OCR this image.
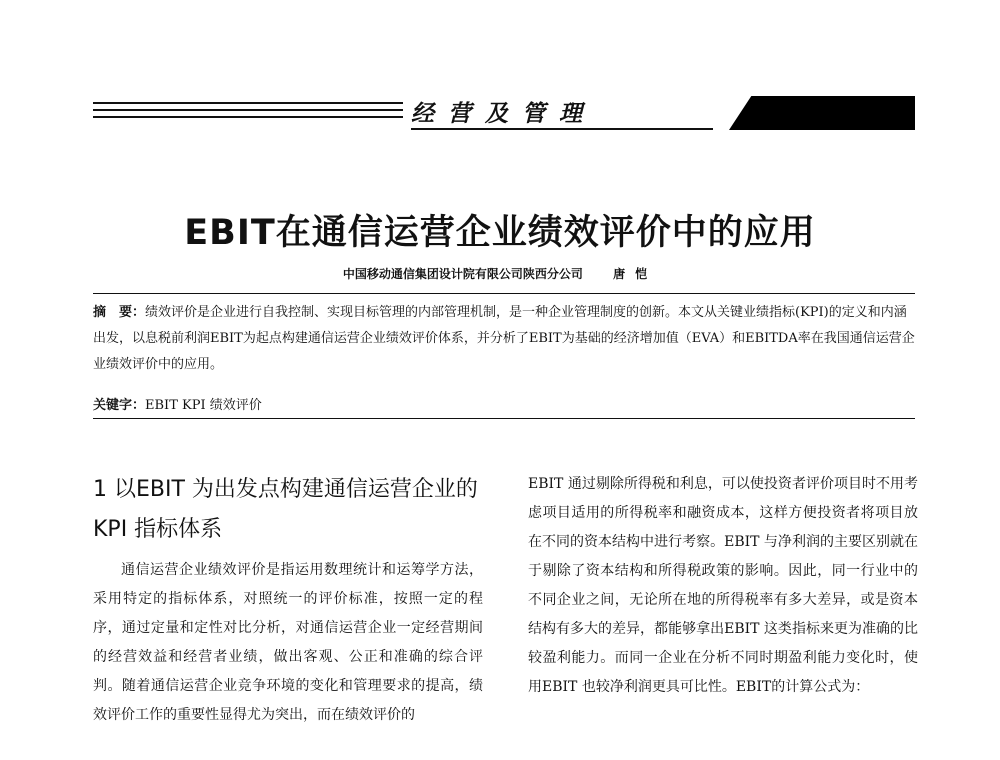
经营及管理
EBIT在通信运营企业绩效评价中的应用
中国移动通信集团设计院有限公司陕西分公司	唐恺
摘　要：绩效评价是企业进行自我控制、实现目标管理的内部管理机制，是一种企业管理制度的创新。本文从关键业绩指标(KPI)的定义和内涵出发，以息税前利润EBIT为起点构建通信运营企业绩效评价体系，并分析了EBIT为基础的经济增加值（EVA）和EBITDA率在我国通信运营企业绩效评价中的应用。
关键字：EBIT KPI 绩效评价
1 以EBIT 为出发点构建通信运营企业的KPI 指标体系

通信运营企业绩效评价是指运用数理统计和运筹学方法，采用特定的指标体系，对照统一的评价标准，按照一定的程序，通过定量和定性对比分析，对通信运营企业一定经营期间的经营效益和经营者业绩，做出客观、公正和准确的综合评判。随着通信运营企业竞争环境的变化和管理要求的提高，绩效评价工作的重要性显得尤为突出，而在绩效评价的

EBIT 通过剔除所得税和利息，可以使投资者评价项目时不用考虑项目适用的所得税率和融资成本，这样方便投资者将项目放在不同的资本结构中进行考察。EBIT 与净利润的主要区别就在于剔除了资本结构和所得税政策的影响。因此，同一行业中的不同企业之间，无论所在地的所得税率有多大差异，或是资本结构有多大的差异，都能够拿出EBIT 这类指标来更为准确的比较盈利能力。而同一企业在分析不同时期盈利能力变化时，使用EBIT 也较净利润更具可比性。EBIT的计算公式为：
